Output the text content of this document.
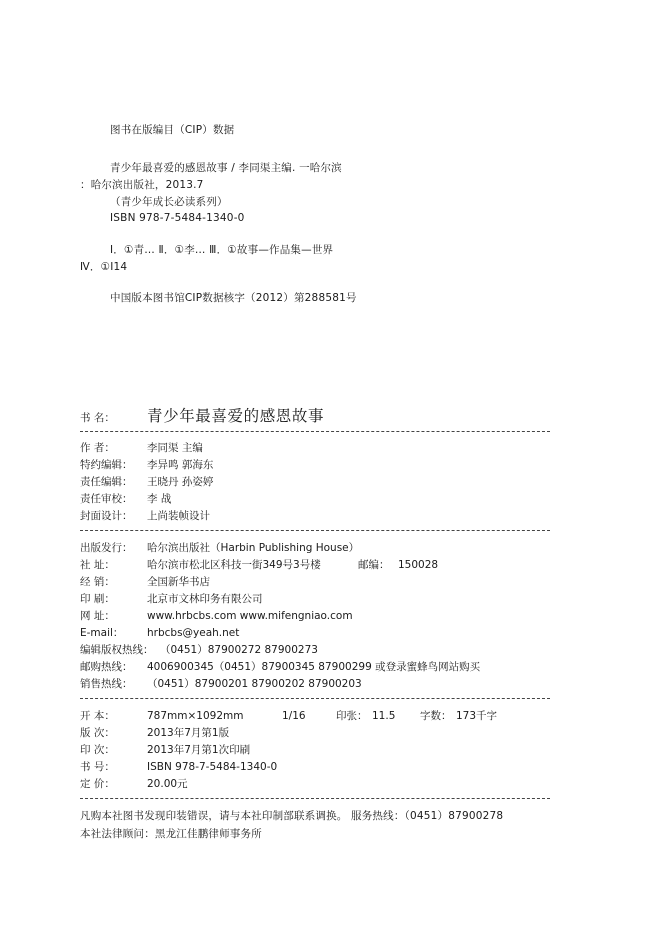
图书在版编目（CIP）数据
青少年最喜爱的感恩故事 / 李同渠主编. 一哈尔滨
：哈尔滨出版社，2013.7
（青少年成长必读系列）
ISBN 978-7-5484-1340-0
Ⅰ．①青… Ⅱ．①李… Ⅲ．①故事—作品集—世界
Ⅳ．①I14
中国版本图书馆CIP数据核字（2012）第288581号
书 名： 青少年最喜爱的感恩故事
作 者：	李同渠 主编
特约编辑： 李异鸣 郭海东
责任编辑： 王晓丹 孙姿婷
责任审校： 李 战
封面设计： 上尚装帧设计
出版发行： 哈尔滨出版社（Harbin Publishing House）
社 址：	哈尔滨市松北区科技一街349号3号楼	邮编： 150028
经 销：	全国新华书店
印 刷：	北京市文林印务有限公司
网 址：	www.hrbcbs.com www.mifengniao.com
E-mail： hrbcbs@yeah.net
编辑版权热线： （0451）87900272 87900273
邮购热线： 4006900345（0451）87900345 87900299 或登录蜜蜂鸟网站购买
销售热线： （0451）87900201 87900202 87900203
开 本：	787mm×1092mm	1/16	印张： 11.5 字数： 173千字
版 次：	2013年7月第1版
印 次：	2013年7月第1次印刷
书 号：	ISBN 978-7-5484-1340-0
定 价：	20.00元
凡购本社图书发现印装错误，请与本社印制部联系调换。 服务热线：（0451）87900278
本社法律顾问：黑龙江佳鹏律师事务所
